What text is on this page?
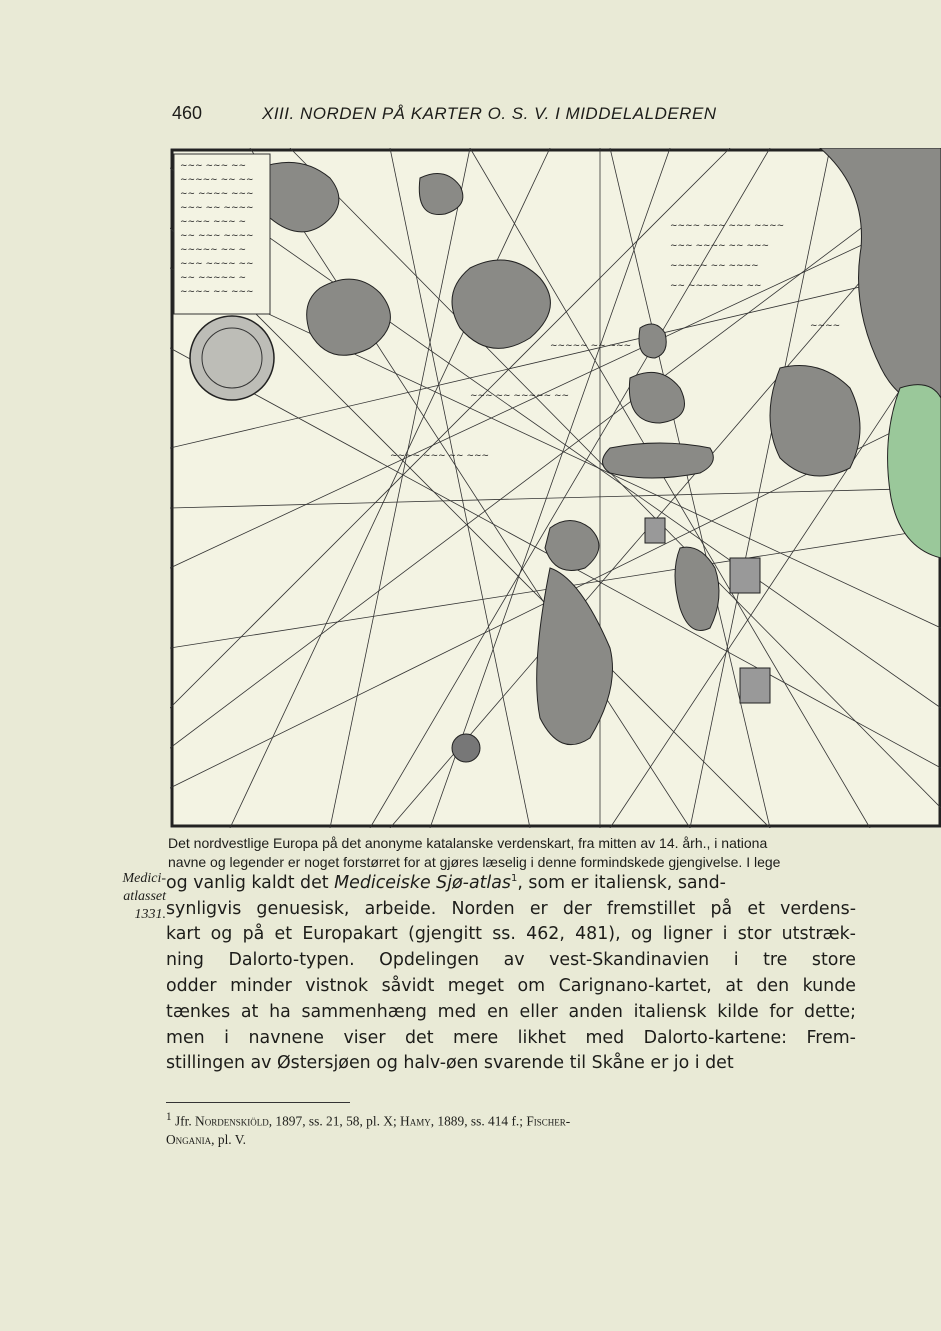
460	XIII. NORDEN PÅ KARTER O. S. V. I MIDDELALDEREN
~~~ ~~~ ~~
~~~~~ ~~ ~~
~~ ~~~~ ~~~
~~~ ~~ ~~~~
~~~~ ~~~ ~
~~ ~~~ ~~~~
~~~~~ ~~ ~
~~~ ~~~~ ~~
~~ ~~~~~ ~
~~~~ ~~ ~~~
~~~~ ~~~ ~~~ ~~~~
~~~ ~~~~ ~~ ~~~
~~~~~ ~~ ~~~~
~~ ~~~~ ~~~ ~~
~~~~~ ~~ ~~~
~~~ ~~ ~~~~~ ~~
~~~~ ~~~ ~~ ~~~
~~~~
Det nordvestlige Europa på det anonyme katalanske verdenskart, fra mitten av 14. årh., i nationa
navne og legender er noget forstørret for at gjøres læselig i denne formindskede gjengivelse. I lege
Medici-
atlasset
1331.
og vanlig kaldt det Mediceiske Sjø-atlas$^1$, som er italiensk, sand-
synligvis genuesisk, arbeide. Norden er der fremstillet på et verdens-
kart og på et Europakart (gjengitt ss. 462, 481), og ligner i stor utstræk-
ning Dalorto-typen. Opdelingen av vest-Skandinavien i tre store
odder minder vistnok såvidt meget om Carignano-kartet, at den kunde
tænkes at ha sammenhæng med en eller anden italiensk kilde for dette;
men i navnene viser det mere likhet med Dalorto-kartene: Frem-
stillingen av Østersjøen og halv-øen svarende til Skåne er jo i det
$^1$ Jfr. Nordenskiöld, 1897, ss. 21, 58, pl. X; Hamy, 1889, ss. 414 f.; Fischer-
Ongania, pl. V.
